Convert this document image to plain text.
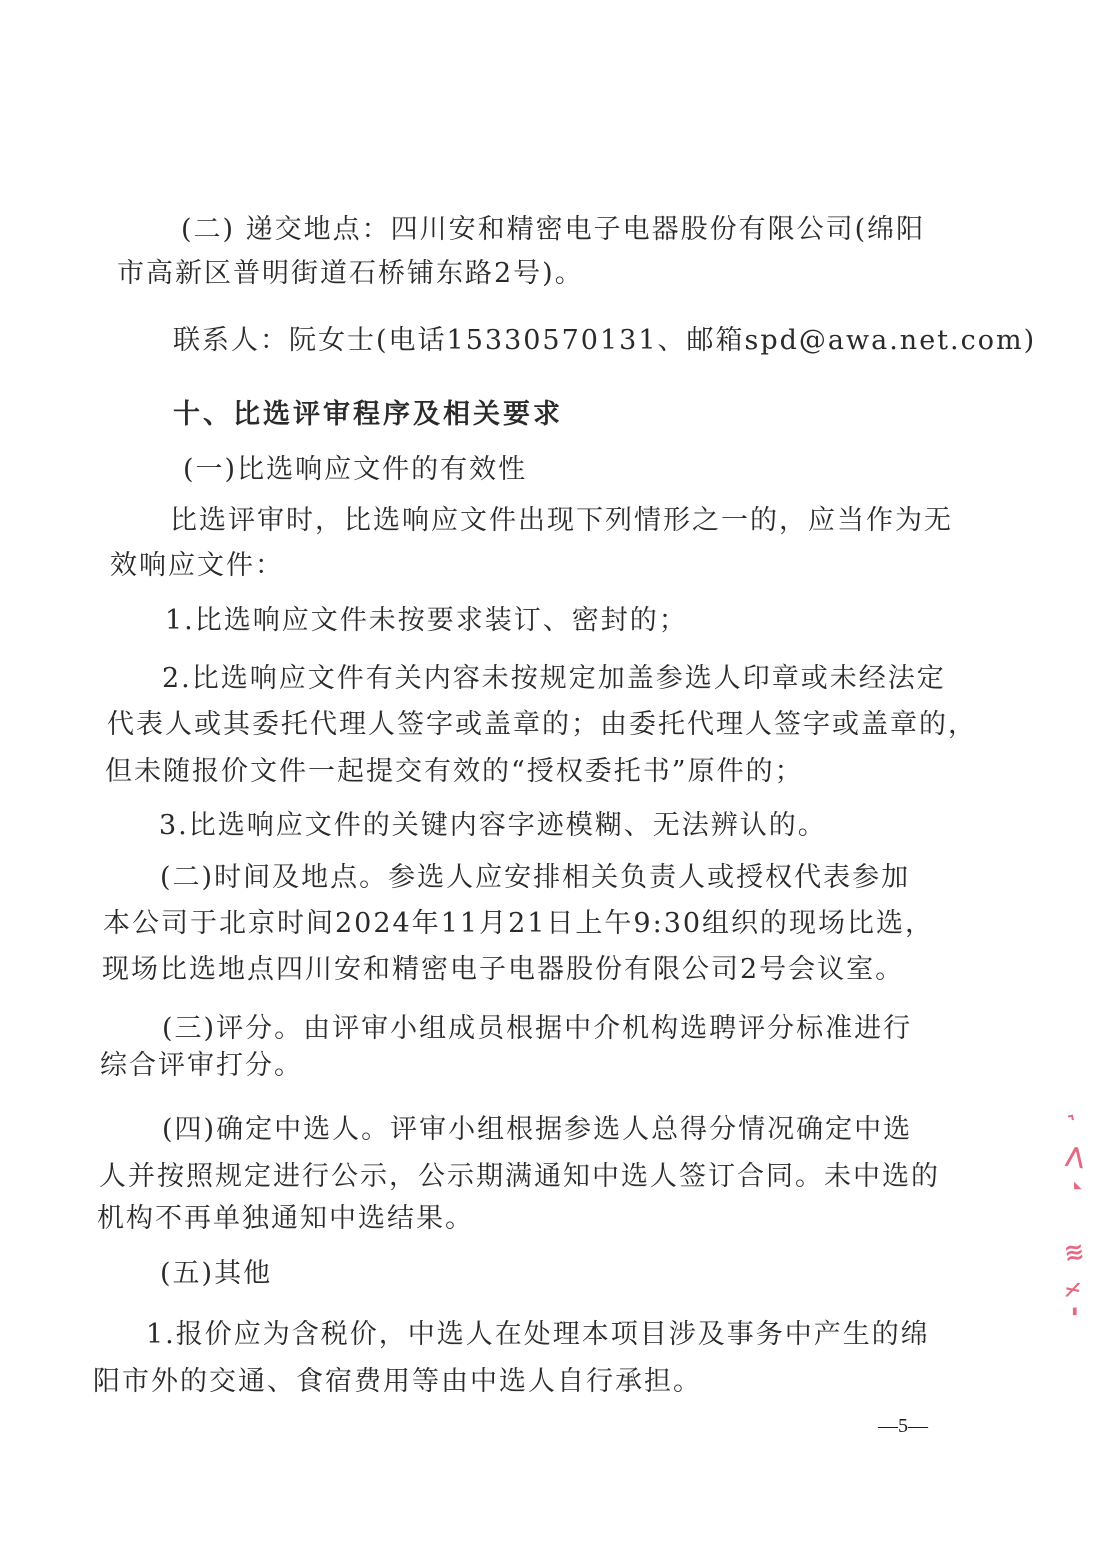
(二) 递交地点：四川安和精密电子电器股份有限公司(绵阳
市高新区普明街道石桥铺东路2号)。
联系人：阮女士(电话15330570131、邮箱spd@awa.net.com)
十、比选评审程序及相关要求
(一)比选响应文件的有效性
比选评审时，比选响应文件出现下列情形之一的，应当作为无
效响应文件：
1.比选响应文件未按要求装订、密封的；
2.比选响应文件有关内容未按规定加盖参选人印章或未经法定
代表人或其委托代理人签字或盖章的；由委托代理人签字或盖章的，
但未随报价文件一起提交有效的“授权委托书”原件的；
3.比选响应文件的关键内容字迹模糊、无法辨认的。
(二)时间及地点。参选人应安排相关负责人或授权代表参加
本公司于北京时间2024年11月21日上午9:30组织的现场比选，
现场比选地点四川安和精密电子电器股份有限公司2号会议室。
(三)评分。由评审小组成员根据中介机构选聘评分标准进行
综合评审打分。
(四)确定中选人。评审小组根据参选人总得分情况确定中选
人并按照规定进行公示，公示期满通知中选人签订合同。未中选的
机构不再单独通知中选结果。
(五)其他
1.报价应为含税价，中选人在处理本项目涉及事务中产生的绵
阳市外的交通、食宿费用等由中选人自行承担。
—5—
⌝
⋀
◣
≋
⌿
▮
